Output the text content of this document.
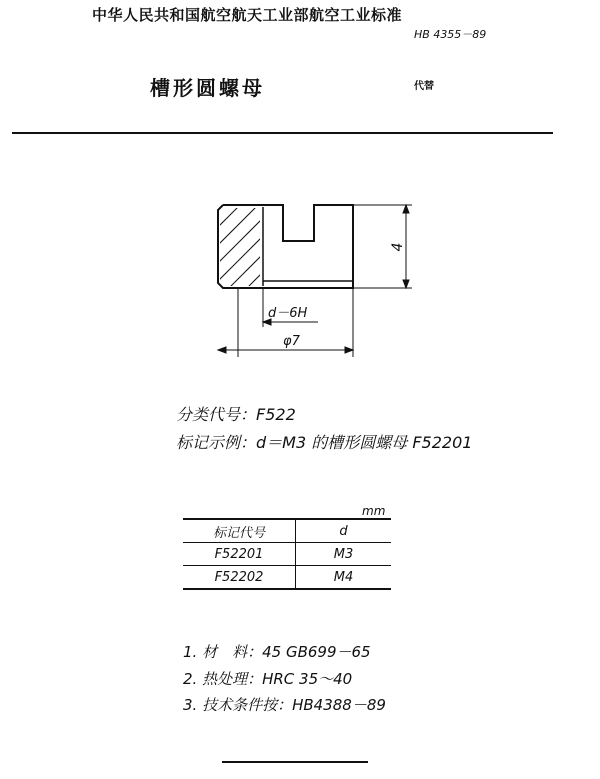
中华人民共和国航空航天工业部航空工业标准
HB 4355－89
槽形圆螺母	代替
4
d－6H
φ7
分类代号：F522
标记示例：d＝M3 的槽形圆螺母 F52201
mm
标记代号	d
F52201	M3
F52202	M4
1. 材　料：45 GB699－65
2. 热处理：HRC 35～40
3. 技术条件按：HB4388－89
